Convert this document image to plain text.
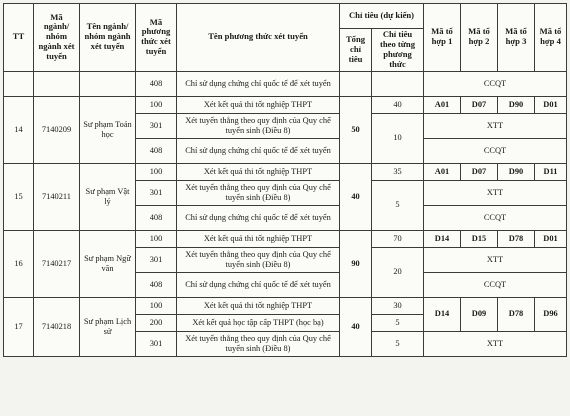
TT	Mã ngành/ nhóm ngành xét tuyển	Tên ngành/ nhóm ngành xét tuyển	Mã phương thức xét tuyển	Tên phương thức xét tuyển	Chỉ tiêu (dự kiến)		Mã tổ hợp 1	Mã tổ hợp 2	Mã tổ hợp 3	Mã tổ hợp 4
					Tổng chỉ tiêu	Chỉ tiêu theo từng phương thức				
			408	Chỉ sử dụng chứng chỉ quốc tế để xét tuyển			CCQT			
14	7140209	Sư phạm Toán học	100	Xét kết quả thi tốt nghiệp THPT	50	40	A01	D07	D90	D01
			301	Xét tuyển thẳng theo quy định của Quy chế tuyển sinh (Điều 8)		10	XTT			
			408	Chỉ sử dụng chứng chỉ quốc tế để xét tuyển			CCQT			
15	7140211	Sư phạm Vật lý	100	Xét kết quả thi tốt nghiệp THPT	40	35	A01	D07	D90	D11
			301	Xét tuyển thẳng theo quy định của Quy chế tuyển sinh (Điều 8)		5	XTT			
			408	Chỉ sử dụng chứng chỉ quốc tế để xét tuyển			CCQT			
16	7140217	Sư phạm Ngữ văn	100	Xét kết quả thi tốt nghiệp THPT	90	70	D14	D15	D78	D01
			301	Xét tuyển thẳng theo quy định của Quy chế tuyển sinh (Điều 8)		20	XTT			
			408	Chỉ sử dụng chứng chỉ quốc tế để xét tuyển			CCQT			
17	7140218	Sư phạm Lịch sử	100	Xét kết quả thi tốt nghiệp THPT	40	30	D14	D09	D78	D96
			200	Xét kết quả học tập cấp THPT (học bạ)		5				
			301	Xét tuyển thẳng theo quy định của Quy chế tuyển sinh (Điều 8)		5	XTT			
